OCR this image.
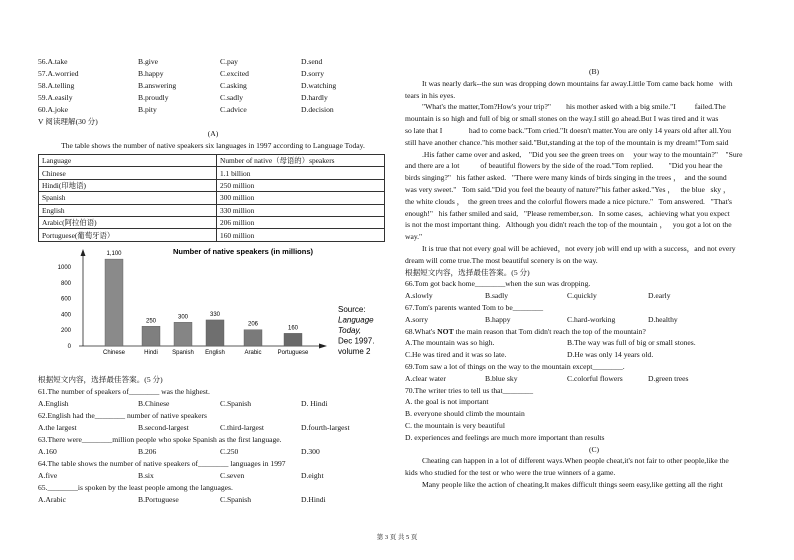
56.A.take	B.give	C.pay	D.send
57.A.worried	B.happy	C.excited	D.sorry
58.A.telling	B.answering	C.asking	D.watching
59.A.easily	B.proudly	C.sadly	D.hardly
60.A.joke	B.pity	C.advice	D.decision
V 阅读理解(30 分)
(A)
The table shows the number of native speakers six languages in 1997 according to Language Today.
Language	Number of native（母语的）speakers
Chinese	1.1 billion
Hindi(印地语)	250 million
Spanish	300 million
English	330 million
Arabic(阿拉伯语)	206 million
Portuguese(葡萄牙语）	160 million
Number of native speakers (in millions)
0
200
400
600
800
1000
1,100
Chinese
250
Hindi
300
Spanish
330
English
206
Arabic
160
Portuguese
Source:
Language
Today,
Dec 1997.
volume 2
根据短文内容，选择最佳答案。(5 分)
61.The number of speakers of________ was the highest.
A.English	B.Chinese	C.Spanish	D. Hindi
62.English had the________ number of native speakers
A.the largest	B.second-largest	C.third-largest	D.fourth-largest
63.There were________million people who spoke Spanish as the first language.
A.160	B.206	C.250	D.300
64.The table shows the number of native speakers of________ languages in 1997
A.five	B.six	C.seven	D.eight
65.________is spoken by the least people among the languages.
A.Arabic	B.Portuguese	C.Spanish	D.Hindi
(B)
It was nearly dark--the sun was dropping down mountains far away.Little Tom came back home   with
tears in his eyes.
"What's the matter,Tom?How's your trip?"        his mother asked with a big smile."I          failed.The
mountain is so high and full of big or small stones on the way.I still go ahead.But I was tired and it was
so late that I              had to come back."Tom cried."It doesn't matter.You are only 14 years old after all.You
still have another chance."his mother said."But,standing at the top of the mountain is my dream!"Tom said
.His father came over and asked,    "Did you see the green trees on     your way to the mountain?"    "Sure
and there are a lot           of beautiful flowers by the side of the road."Tom replied.        "Did you hear the
birds singing?"   his father asked.   "There were many kinds of birds singing in the trees ，  and the sound
was very sweet."   Tom said."Did you feel the beauty of nature?"his father asked."Yes ，   the blue   sky ，
the white clouds ，  the green trees and the colorful flowers made a nice picture."   Tom answered.   "That's
enough!"   his father smiled and said,   "Please remember,son.   In some cases,   achieving what you expect
is not the most important thing.   Although you didn't reach the top of the mountain ，   you got a lot on the
way."
It is true that not every goal will be achieved，not every job will end up with a success，and not every
dream will come true.The most beautiful scenery is on the way.
根据短文内容，选择最佳答案。(5 分)
66.Tom got back home________when the sun was dropping.
A.slowly	B.sadly	C.quickly	D.early
67.Tom's parents wanted Tom to be________
A.sorry	B.happy	C.hard-working	D.healthy
68.What's NOT the main reason that Tom didn't reach the top of the mountain?
A.The mountain was so high.	B.The way was full of big or small stones.
C.He was tired and it was so late.	D.He was only 14 years old.
69.Tom saw a lot of things on the way to the mountain except________.
A.clear water	B.blue sky	C.colorful flowers	D.green trees
70.The writer tries to tell us that________
A. the goal is not important
B. everyone should climb the mountain
C. the mountain is very beautiful
D. experiences and feelings are much more important than results
(C)
Cheating can happen in a lot of different ways.When people cheat,it's not fair to other people,like the
kids who studied for the test or who were the true winners of a game.
Many people like the action of cheating.It makes difficult things seem easy,like getting all the right
第 3 页 共 5 页
